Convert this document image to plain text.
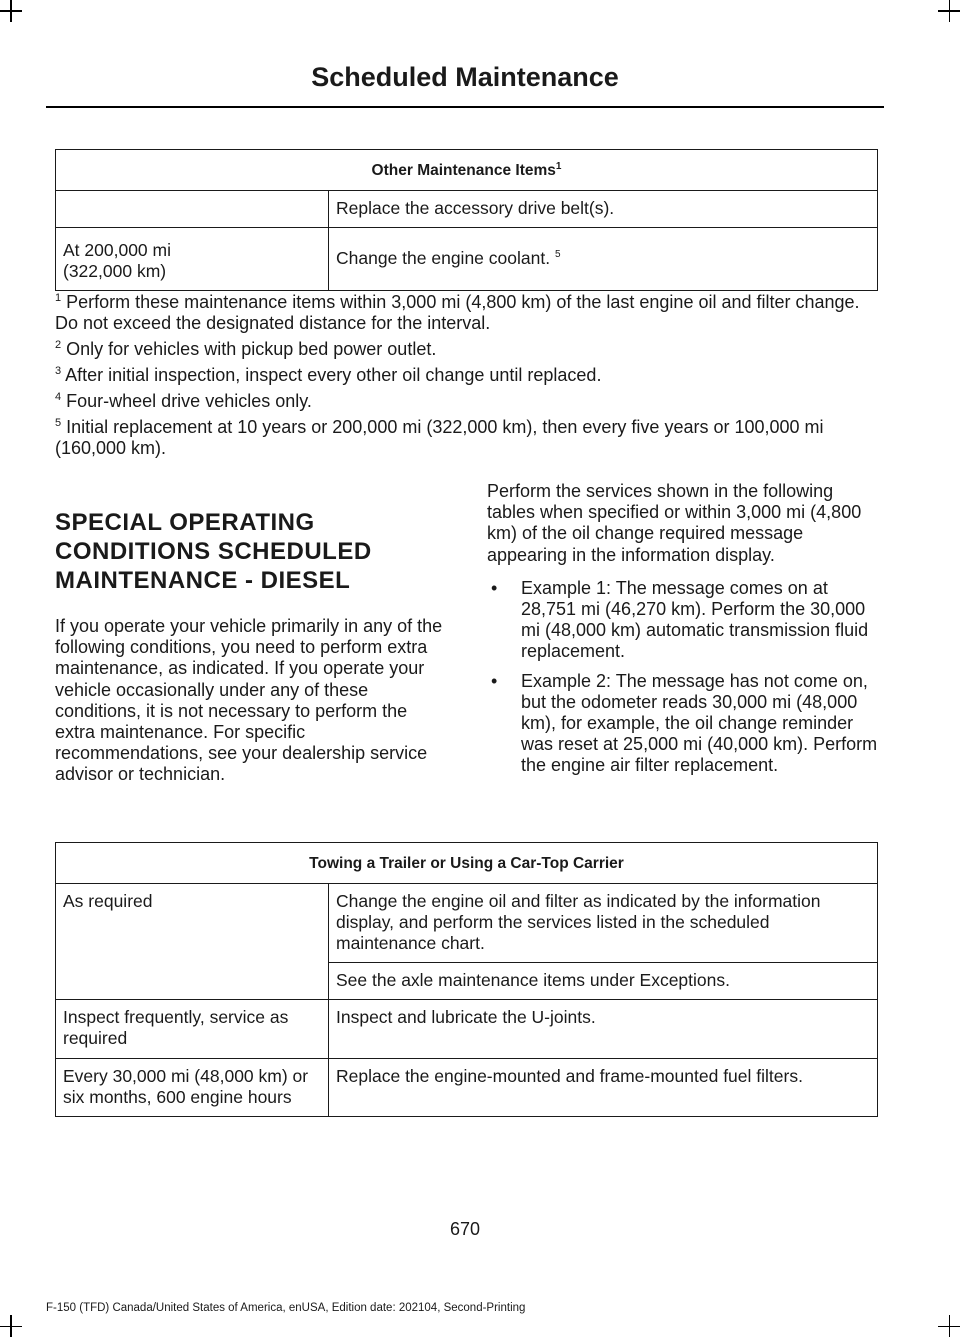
Scheduled Maintenance
Other Maintenance Items$^1$
	Replace the accessory drive belt(s).
At 200,000 mi (322,000 km)	Change the engine coolant. $^5$
$^1$ Perform these maintenance items within 3,000 mi (4,800 km) of the last engine oil and filter change. Do not exceed the designated distance for the interval.
$^2$ Only for vehicles with pickup bed power outlet.
$^3$ After initial inspection, inspect every other oil change until replaced.
$^4$ Four-wheel drive vehicles only.
$^5$ Initial replacement at 10 years or 200,000 mi (322,000 km), then every five years or 100,000 mi (160,000 km).
SPECIAL OPERATING CONDITIONS SCHEDULED MAINTENANCE - DIESEL
If you operate your vehicle primarily in any of the following conditions, you need to perform extra maintenance, as indicated. If you operate your vehicle occasionally under any of these conditions, it is not necessary to perform the extra maintenance. For specific recommendations, see your dealership service advisor or technician.
Perform the services shown in the following tables when specified or within 3,000 mi (4,800 km) of the oil change required message appearing in the information display.
• Example 1: The message comes on at 28,751 mi (46,270 km). Perform the 30,000 mi (48,000 km) automatic transmission fluid replacement.
• Example 2: The message has not come on, but the odometer reads 30,000 mi (48,000 km), for example, the oil change reminder was reset at 25,000 mi (40,000 km). Perform the engine air filter replacement.
Towing a Trailer or Using a Car-Top Carrier	
As required	Change the engine oil and filter as indicated by the information display, and perform the services listed in the scheduled maintenance chart.
	See the axle maintenance items under Exceptions.
Inspect frequently, service as required	Inspect and lubricate the U-joints.
Every 30,000 mi (48,000 km) or six months, 600 engine hours	Replace the engine-mounted and frame-mounted fuel filters.
670
F-150 (TFD) Canada/United States of America, enUSA, Edition date: 202104, Second-Printing
